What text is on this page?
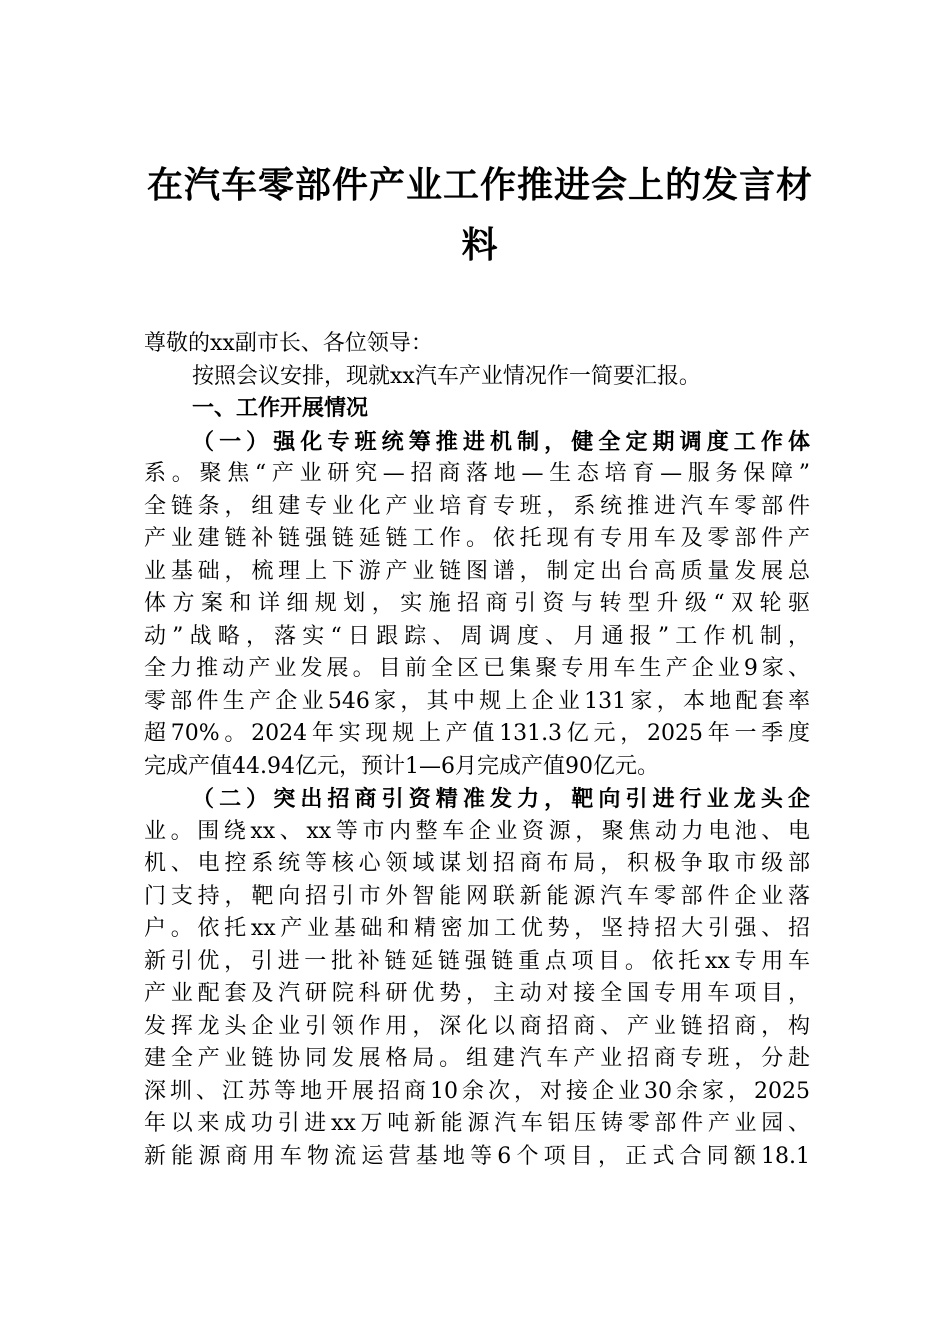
在汽车零部件产业工作推进会上的发言材
料
尊敬的xx副市长、各位领导：
按照会议安排，现就xx汽车产业情况作一简要汇报。
一、工作开展情况
（一）强化专班统筹推进机制，健全定期调度工作体
系。聚焦“产业研究—招商落地—生态培育—服务保障”
全链条，组建专业化产业培育专班，系统推进汽车零部件
产业建链补链强链延链工作。依托现有专用车及零部件产
业基础，梳理上下游产业链图谱，制定出台高质量发展总
体方案和详细规划，实施招商引资与转型升级“双轮驱
动”战略，落实“日跟踪、周调度、月通报”工作机制，
全力推动产业发展。目前全区已集聚专用车生产企业9家、
零部件生产企业546家，其中规上企业131家，本地配套率
超70%。2024年实现规上产值131.3亿元，2025年一季度
完成产值44.94亿元，预计1—6月完成产值90亿元。
（二）突出招商引资精准发力，靶向引进行业龙头企
业。围绕xx、xx等市内整车企业资源，聚焦动力电池、电
机、电控系统等核心领域谋划招商布局，积极争取市级部
门支持，靶向招引市外智能网联新能源汽车零部件企业落
户。依托xx产业基础和精密加工优势，坚持招大引强、招
新引优，引进一批补链延链强链重点项目。依托xx专用车
产业配套及汽研院科研优势，主动对接全国专用车项目，
发挥龙头企业引领作用，深化以商招商、产业链招商，构
建全产业链协同发展格局。组建汽车产业招商专班，分赴
深圳、江苏等地开展招商10余次，对接企业30余家，2025
年以来成功引进xx万吨新能源汽车铝压铸零部件产业园、
新能源商用车物流运营基地等6个项目，正式合同额18.1
